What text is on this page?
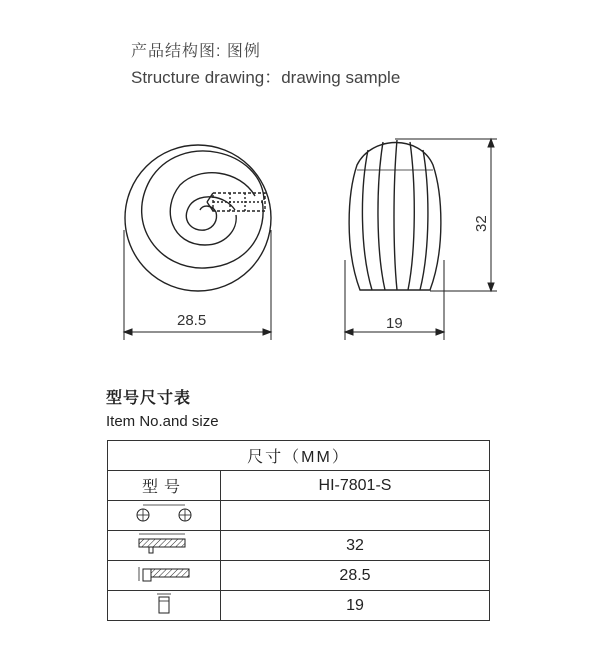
产品结构图: 图例
Structure drawing：drawing sample
28.5
32
19
型号尺寸表
Item No.and size
尺寸（MM）	
型号	HI-7801-S

	32
	28.5
	19
